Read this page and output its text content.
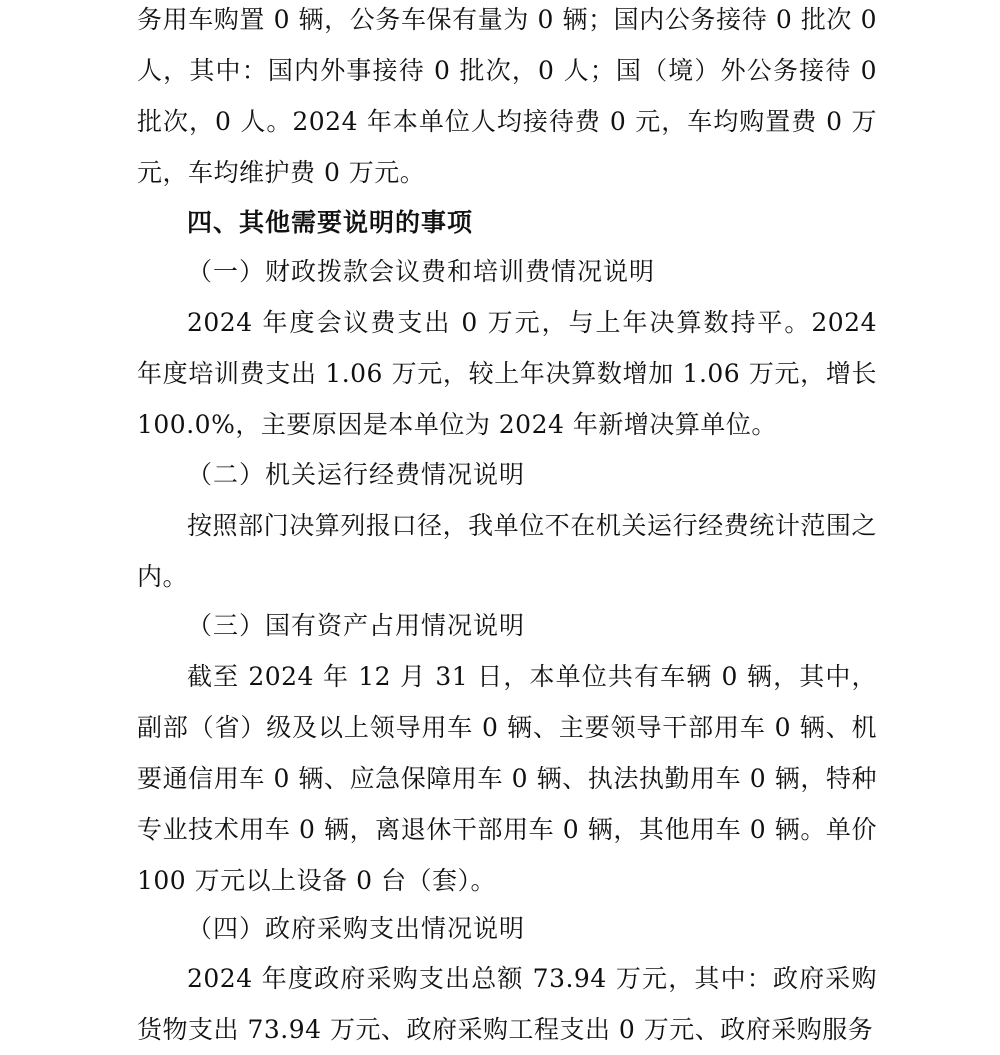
务用车购置 0 辆，公务车保有量为 0 辆；国内公务接待 0 批次 0 人，其中：国内外事接待 0 批次，0 人；国（境）外公务接待 0 批次，0 人。2024 年本单位人均接待费 0 元，车均购置费 0 万元，车均维护费 0 万元。

四、其他需要说明的事项

（一）财政拨款会议费和培训费情况说明

2024 年度会议费支出 0 万元，与上年决算数持平。2024 年度培训费支出 1.06 万元，较上年决算数增加 1.06 万元，增长 100.0%，主要原因是本单位为 2024 年新增决算单位。

（二）机关运行经费情况说明

按照部门决算列报口径，我单位不在机关运行经费统计范围之内。

（三）国有资产占用情况说明

截至 2024 年 12 月 31 日，本单位共有车辆 0 辆，其中，副部（省）级及以上领导用车 0 辆、主要领导干部用车 0 辆、机要通信用车 0 辆、应急保障用车 0 辆、执法执勤用车 0 辆，特种专业技术用车 0 辆，离退休干部用车 0 辆，其他用车 0 辆。单价 100 万元以上设备 0 台（套）。

（四）政府采购支出情况说明

2024 年度政府采购支出总额 73.94 万元，其中：政府采购货物支出 73.94 万元、政府采购工程支出 0 万元、政府采购服务
